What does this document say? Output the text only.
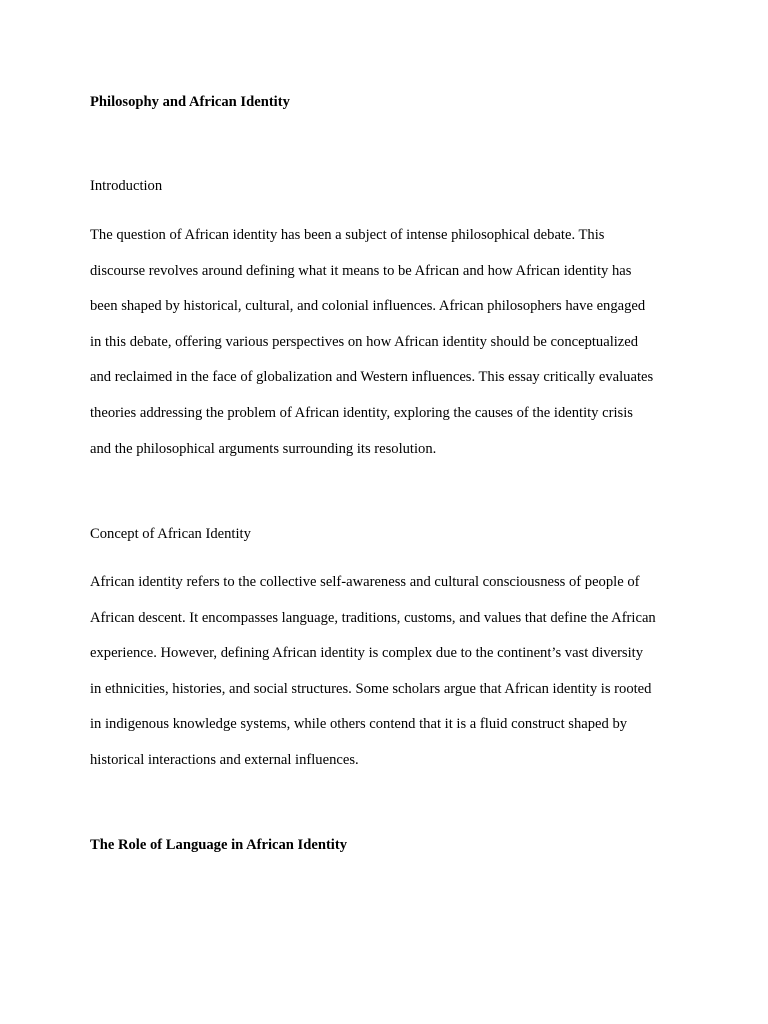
Philosophy and African Identity
Introduction
The question of African identity has been a subject of intense philosophical debate. This
discourse revolves around defining what it means to be African and how African identity has
been shaped by historical, cultural, and colonial influences. African philosophers have engaged
in this debate, offering various perspectives on how African identity should be conceptualized
and reclaimed in the face of globalization and Western influences. This essay critically evaluates
theories addressing the problem of African identity, exploring the causes of the identity crisis
and the philosophical arguments surrounding its resolution.
Concept of African Identity
African identity refers to the collective self-awareness and cultural consciousness of people of
African descent. It encompasses language, traditions, customs, and values that define the African
experience. However, defining African identity is complex due to the continent’s vast diversity
in ethnicities, histories, and social structures. Some scholars argue that African identity is rooted
in indigenous knowledge systems, while others contend that it is a fluid construct shaped by
historical interactions and external influences.
The Role of Language in African Identity
